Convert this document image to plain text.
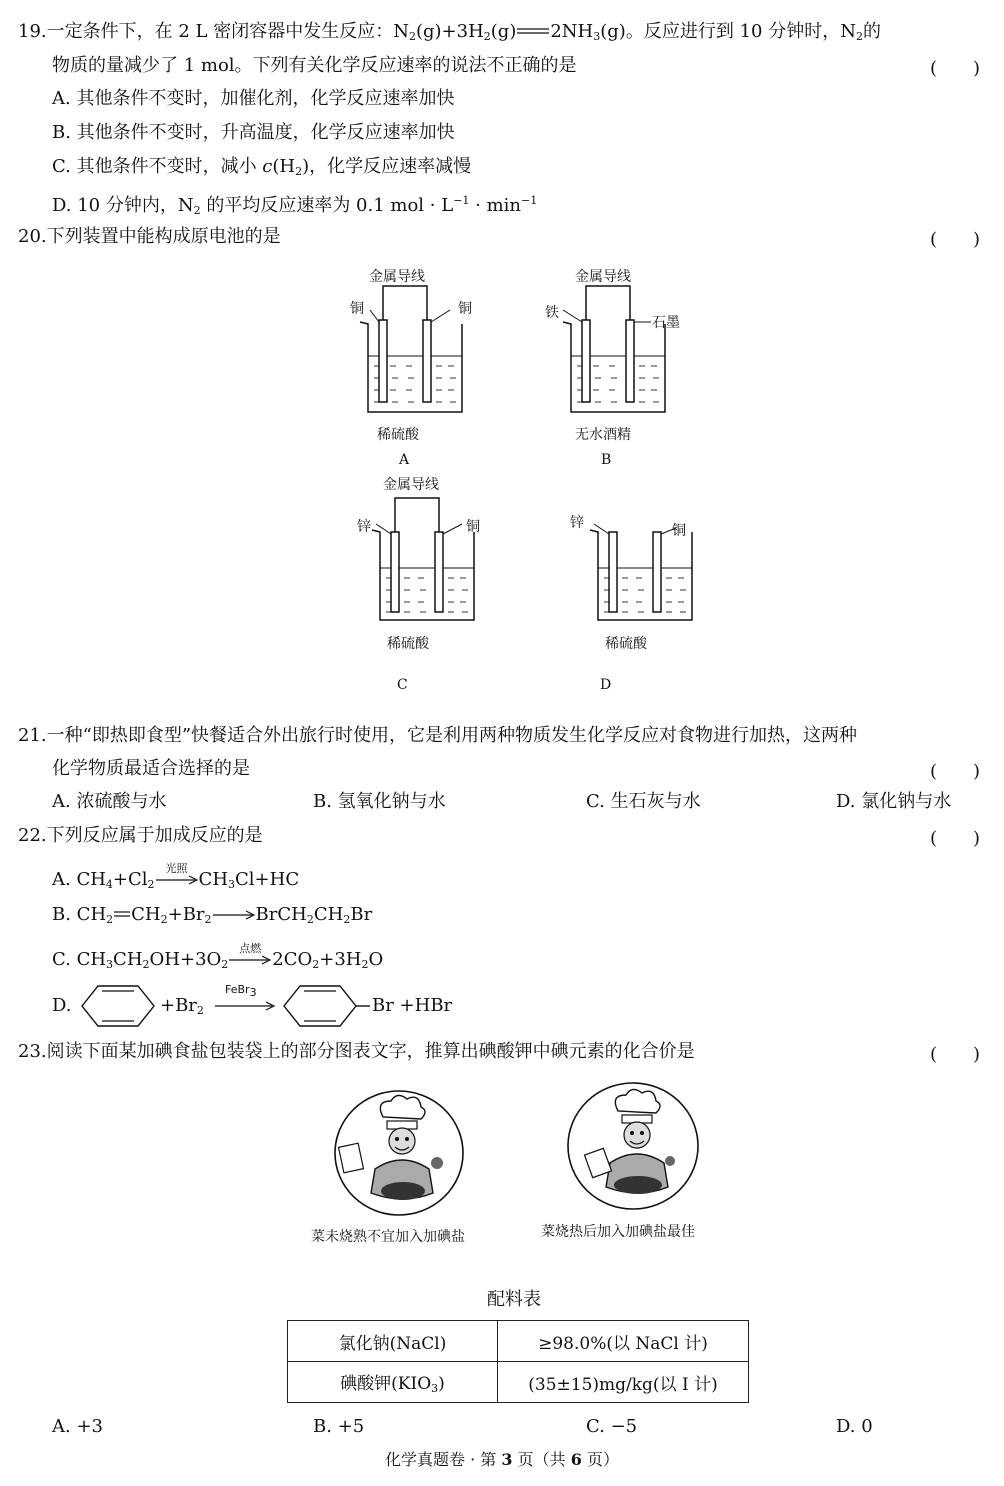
19.一定条件下，在 2 L 密闭容器中发生反应：$N_2(g)+3H_2(g)$ $2NH_3(g)$。反应进行到 10 分钟时，$N_2$的
物质的量减少了 1 mol。下列有关化学反应速率的说法不正确的是	(　　)
A. 其他条件不变时，加催化剂，化学反应速率加快
B. 其他条件不变时，升高温度，化学反应速率加快
C. 其他条件不变时，减小 $c(H_2)$，化学反应速率减慢
D. 10 分钟内，$N_2$ 的平均反应速率为 0.1 mol · $L^{-1} \cdot \min^{-1}$
20.下列装置中能构成原电池的是	(　　)
金属导线
铜	铜
稀硫酸
A
金属导线
铁
石墨
无水酒精
B
金属导线
锌	铜
稀硫酸
C
锌	铜
稀硫酸
D
21.一种“即热即食型”快餐适合外出旅行时使用，它是利用两种物质发生化学反应对食物进行加热，这两种
化学物质最适合选择的是	(　　)
A. 浓硫酸与水	B. 氢氧化钠与水	C. 生石灰与水	D. 氯化钠与水
22.下列反应属于加成反应的是	(　　)
A. $CH_4+Cl_2$
光照
$CH_3Cl+HC$
B. $CH_2$ $CH_2+Br_2\to BrCH_2CH_2Br$
C. $CH_3CH_2OH+3O_2$
点燃
$2CO_2+3H_2O$
D.	$+Br_2$
FeBr$_3$
Br +HBr
23.阅读下面某加碘食盐包装袋上的部分图表文字，推算出碘酸钾中碘元素的化合价是	(　　)
菜未烧熟不宜加入加碘盐	菜烧热后加入加碘盐最佳
配料表
氯化钠(NaCl)	≥98.0%(以 NaCl 计)
碘酸钾$(KIO_3)$	(35±15)mg/kg(以 I 计)
A. +3	B. +5	C. −5	D. 0
化学真题卷 · 第 3 页（共 6 页）
